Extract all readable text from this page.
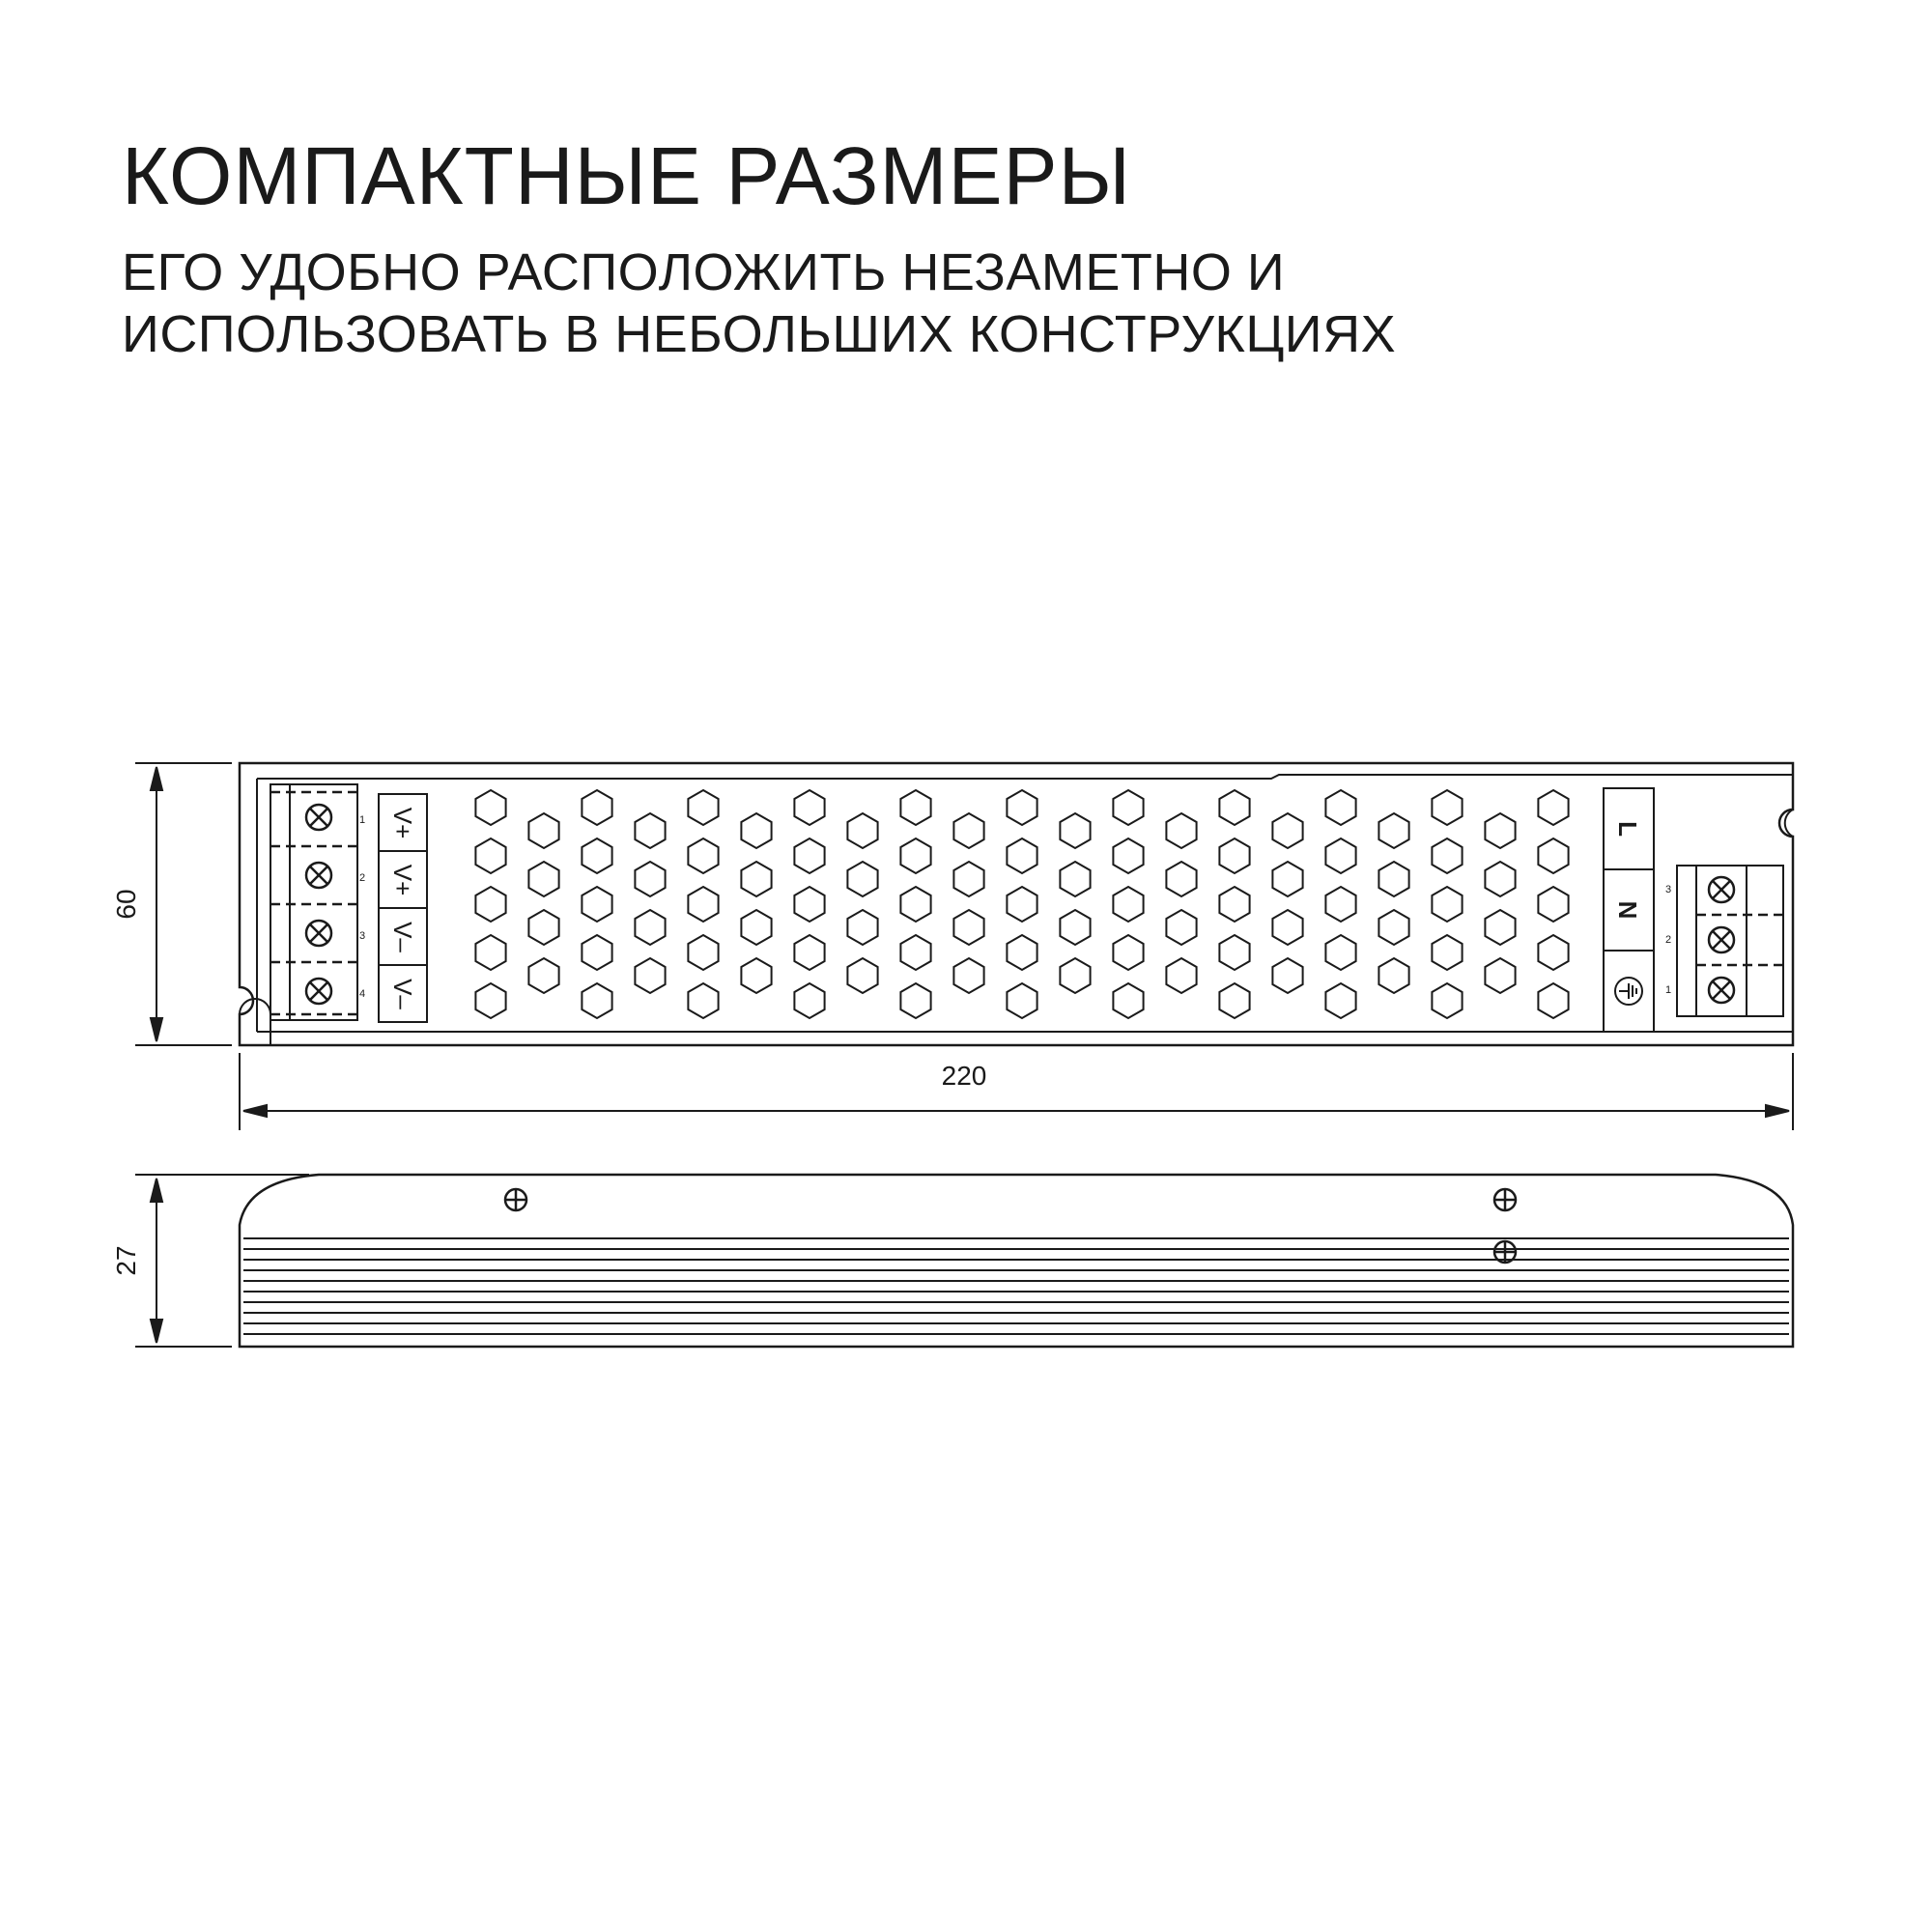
КОМПАКТНЫЕ РАЗМЕРЫ

ЕГО УДОБНО РАСПОЛОЖИТЬ НЕЗАМЕТНО И
ИСПОЛЬЗОВАТЬ В НЕБОЛЬШИХ КОНСТРУКЦИЯХ

220
60
27
V+
V+
V–
V–
1
2
3
4
L
N
3
2
1
